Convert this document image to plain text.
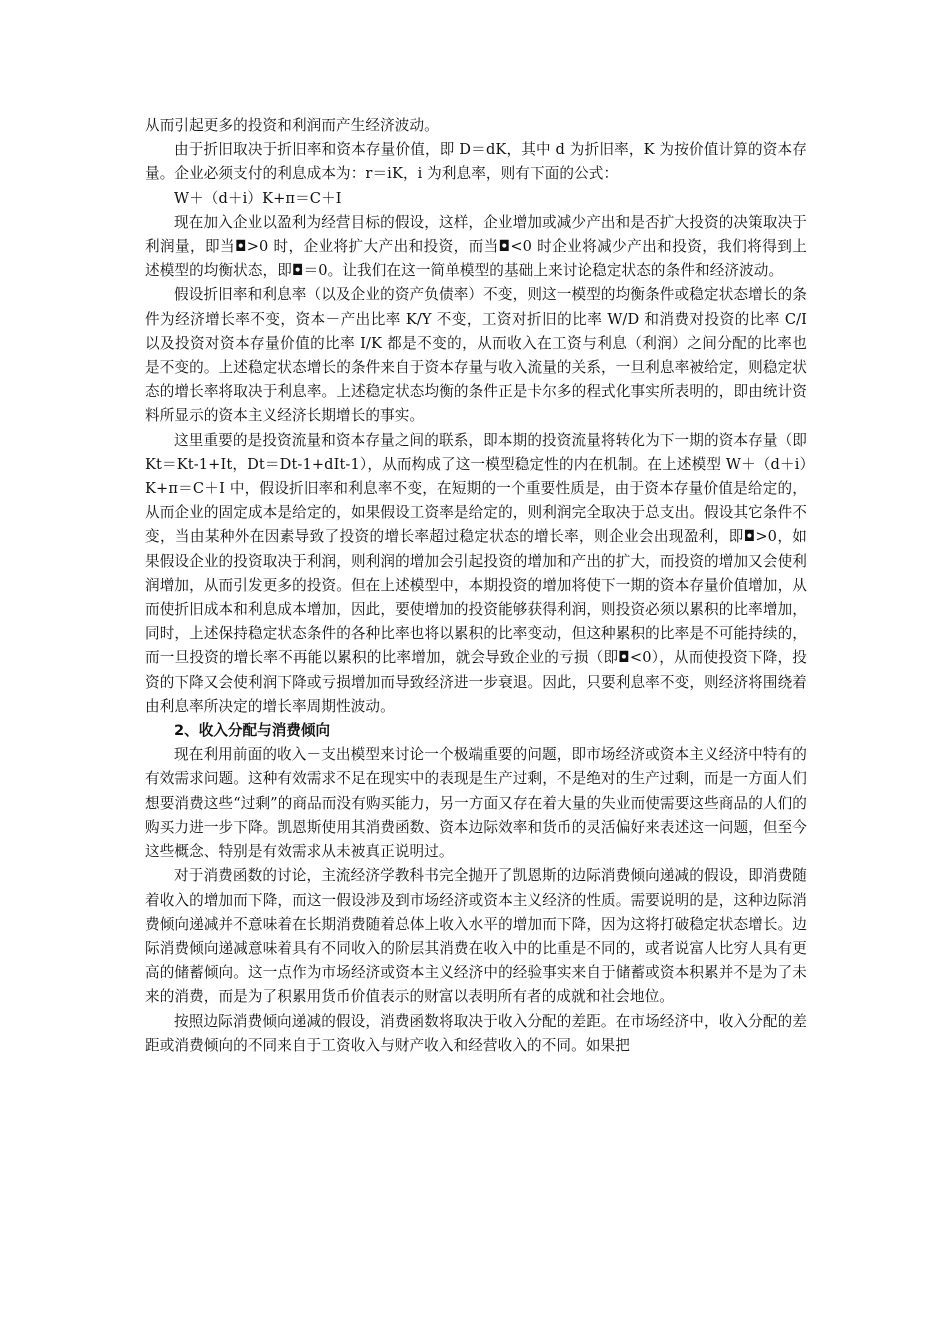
从而引起更多的投资和利润而产生经济波动。

由于折旧取决于折旧率和资本存量价值，即 D＝dK，其中 d 为折旧率，K 为按价值计算的资本存量。企业必须支付的利息成本为：r＝iK，i 为利息率，则有下面的公式：

W＋（d＋i）K+π＝C＋I

现在加入企业以盈利为经营目标的假设，这样，企业增加或减少产出和是否扩大投资的决策取决于利润量，即当◘>0 时，企业将扩大产出和投资，而当◘<0 时企业将减少产出和投资，我们将得到上述模型的均衡状态，即◘＝0。让我们在这一简单模型的基础上来讨论稳定状态的条件和经济波动。

假设折旧率和利息率（以及企业的资产负债率）不变，则这一模型的均衡条件或稳定状态增长的条件为经济增长率不变，资本－产出比率 K/Y 不变，工资对折旧的比率 W/D 和消费对投资的比率 C/I 以及投资对资本存量价值的比率 I/K 都是不变的，从而收入在工资与利息（利润）之间分配的比率也是不变的。上述稳定状态增长的条件来自于资本存量与收入流量的关系，一旦利息率被给定，则稳定状态的增长率将取决于利息率。上述稳定状态均衡的条件正是卡尔多的程式化事实所表明的，即由统计资料所显示的资本主义经济长期增长的事实。

这里重要的是投资流量和资本存量之间的联系，即本期的投资流量将转化为下一期的资本存量（即 Kt＝Kt-1+It，Dt＝Dt-1+dIt-1），从而构成了这一模型稳定性的内在机制。在上述模型 W＋（d＋i）K+π＝C＋I 中，假设折旧率和利息率不变，在短期的一个重要性质是，由于资本存量价值是给定的，从而企业的固定成本是给定的，如果假设工资率是给定的，则利润完全取决于总支出。假设其它条件不变，当由某种外在因素导致了投资的增长率超过稳定状态的增长率，则企业会出现盈利，即◘>0，如果假设企业的投资取决于利润，则利润的增加会引起投资的增加和产出的扩大，而投资的增加又会使利润增加，从而引发更多的投资。但在上述模型中，本期投资的增加将使下一期的资本存量价值增加，从而使折旧成本和利息成本增加，因此，要使增加的投资能够获得利润，则投资必须以累积的比率增加，同时，上述保持稳定状态条件的各种比率也将以累积的比率变动，但这种累积的比率是不可能持续的，而一旦投资的增长率不再能以累积的比率增加，就会导致企业的亏损（即◘<0），从而使投资下降，投资的下降又会使利润下降或亏损增加而导致经济进一步衰退。因此，只要利息率不变，则经济将围绕着由利息率所决定的增长率周期性波动。

2、收入分配与消费倾向

现在利用前面的收入－支出模型来讨论一个极端重要的问题，即市场经济或资本主义经济中特有的有效需求问题。这种有效需求不足在现实中的表现是生产过剩，不是绝对的生产过剩，而是一方面人们想要消费这些“过剩”的商品而没有购买能力，另一方面又存在着大量的失业而使需要这些商品的人们的购买力进一步下降。凯恩斯使用其消费函数、资本边际效率和货币的灵活偏好来表述这一问题，但至今这些概念、特别是有效需求从未被真正说明过。

对于消费函数的讨论，主流经济学教科书完全抛开了凯恩斯的边际消费倾向递减的假设，即消费随着收入的增加而下降，而这一假设涉及到市场经济或资本主义经济的性质。需要说明的是，这种边际消费倾向递减并不意味着在长期消费随着总体上收入水平的增加而下降，因为这将打破稳定状态增长。边际消费倾向递减意味着具有不同收入的阶层其消费在收入中的比重是不同的，或者说富人比穷人具有更高的储蓄倾向。这一点作为市场经济或资本主义经济中的经验事实来自于储蓄或资本积累并不是为了未来的消费，而是为了积累用货币价值表示的财富以表明所有者的成就和社会地位。

按照边际消费倾向递减的假设，消费函数将取决于收入分配的差距。在市场经济中，收入分配的差距或消费倾向的不同来自于工资收入与财产收入和经营收入的不同。如果把
